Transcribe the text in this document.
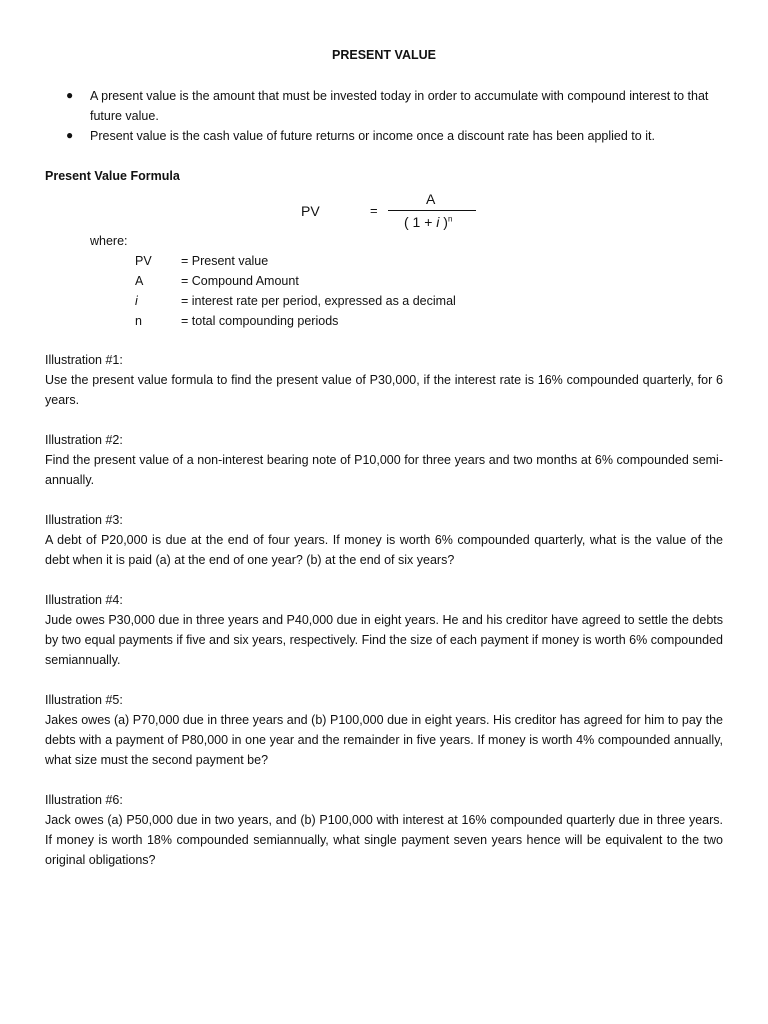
PRESENT VALUE
● A present value is the amount that must be invested today in order to accumulate with compound interest to that future value.
● Present value is the cash value of future returns or income once a discount rate has been applied to it.
Present Value Formula
PV	=
A
( 1 + i )$^n$
where:
PV = Present value
A	= Compound Amount
i	= interest rate per period, expressed as a decimal
n	= total compounding periods
Illustration #1:
Use the present value formula to find the present value of P30,000, if the interest rate is 16% compounded quarterly, for 6 years.
Illustration #2:
Find the present value of a non-interest bearing note of P10,000 for three years and two months at 6% compounded semi-annually.
Illustration #3:
A debt of P20,000 is due at the end of four years. If money is worth 6% compounded quarterly, what is the value of the debt when it is paid (a) at the end of one year? (b) at the end of six years?
Illustration #4:
Jude owes P30,000 due in three years and P40,000 due in eight years. He and his creditor have agreed to settle the debts by two equal payments if five and six years, respectively. Find the size of each payment if money is worth 6% compounded semiannually.
Illustration #5:
Jakes owes (a) P70,000 due in three years and (b) P100,000 due in eight years. His creditor has agreed for him to pay the debts with a payment of P80,000 in one year and the remainder in five years. If money is worth 4% compounded annually, what size must the second payment be?
Illustration #6:
Jack owes (a) P50,000 due in two years, and (b) P100,000 with interest at 16% compounded quarterly due in three years. If money is worth 18% compounded semiannually, what single payment seven years hence will be equivalent to the two original obligations?
